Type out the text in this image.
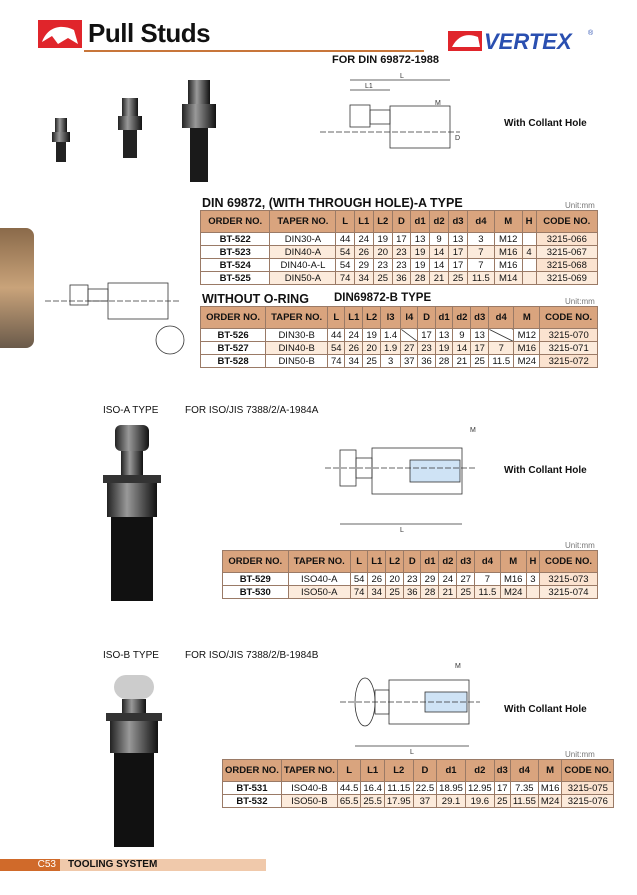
Pull Studs	VERTEX ®
FOR DIN 69872-1988
L
L1
M
D
With Collant Hole
DIN 69872, (WITH THROUGH HOLE)-A TYPE	Unit:mm
ORDER NO.	TAPER NO.	L	L1	L2	D	d1	d2	d3	d4	M	H	CODE NO.
BT-522	DIN30-A	44	24	19	17	13	9	13	3	M12		3215-066
BT-523	DIN40-A	54	26	20	23	19	14	17	7	M16	4	3215-067
BT-524	DIN40-A-L	54	29	23	23	19	14	17	7	M16		3215-068
BT-525	DIN50-A	74	34	25	36	28	21	25	11.5	M14		3215-069
WITHOUT O-RING DIN69872-B TYPE	Unit:mm
ORDER NO.	TAPER NO.	L	L1	L2	l3	l4	D	d1	d2	d3	d4	M	CODE NO.
BT-526	DIN30-B	44	24	19	1.4		17	13	9	13		M12	3215-070
BT-527	DIN40-B	54	26	20	1.9	27	23	19	14	17	7	M16	3215-071
BT-528	DIN50-B	74	34	25	3	37	36	28	21	25	11.5	M24	3215-072
ISO-A TYPE	FOR ISO/JIS 7388/2/A-1984A
L
M
With Collant Hole
Unit:mm
ORDER NO.	TAPER NO.	L	L1	L2	D	d1	d2	d3	d4	M	H	CODE NO.
BT-529	ISO40-A	54	26	20	23	29	24	27	7	M16	3	3215-073
BT-530	ISO50-A	74	34	25	36	28	21	25	11.5	M24		3215-074
ISO-B TYPE	FOR ISO/JIS 7388/2/B-1984B
L
M
With Collant Hole
Unit:mm
ORDER NO.	TAPER NO.	L	L1	L2	D	d1	d2	d3	d4	M	CODE NO.
BT-531	ISO40-B	44.5	16.4	11.15	22.5	18.95	12.95	17	7.35	M16	3215-075
BT-532	ISO50-B	65.5	25.5	17.95	37	29.1	19.6	25	11.55	M24	3215-076
C53	TOOLING SYSTEM
